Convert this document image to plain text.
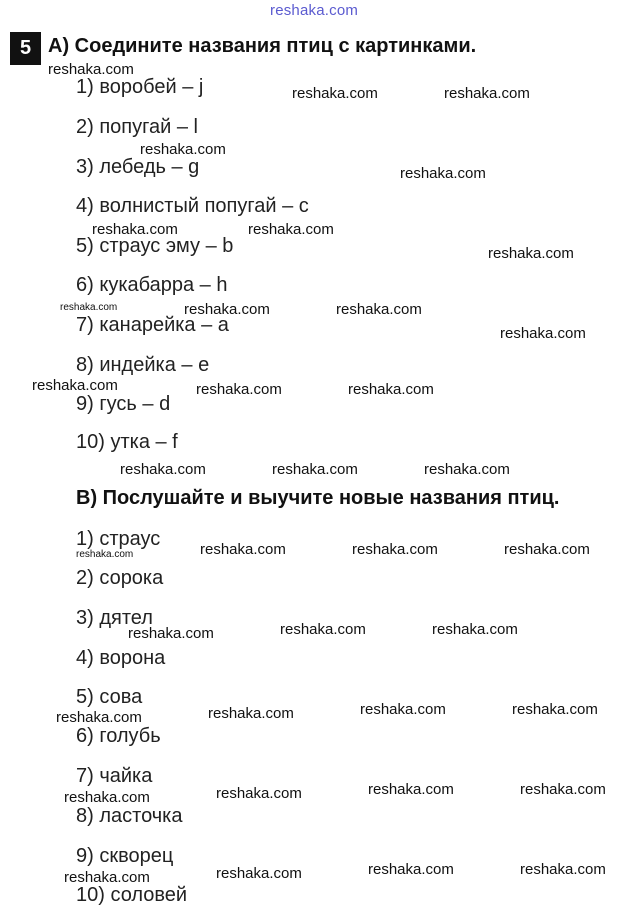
reshaka.com
5 A) Соедините названия птиц с картинками.
1) воробей – j
2) попугай – l
3) лебедь – g
4) волнистый попугай – c
5) страус эму – b
6) кукабарра – h
7) канарейка – a
8) индейка – e
9) гусь – d
10) утка – f
B) Послушайте и выучите новые названия птиц.
1) страус
2) сорока
3) дятел
4) ворона
5) сова
6) голубь
7) чайка
8) ласточка
9) скворец
10) соловей
reshaka.com
reshaka.com	reshaka.com
reshaka.com
reshaka.com
reshaka.com	reshaka.com
reshaka.com
reshaka.com	reshaka.com	reshaka.com
reshaka.com
reshaka.com	reshaka.com	reshaka.com
reshaka.com	reshaka.com	reshaka.com
reshaka.com	reshaka.com	reshaka.com	reshaka.com
reshaka.com	reshaka.com	reshaka.com
reshaka.com	reshaka.com	reshaka.com	reshaka.com
reshaka.com	reshaka.com	reshaka.com	reshaka.com
reshaka.com	reshaka.com	reshaka.com	reshaka.com
